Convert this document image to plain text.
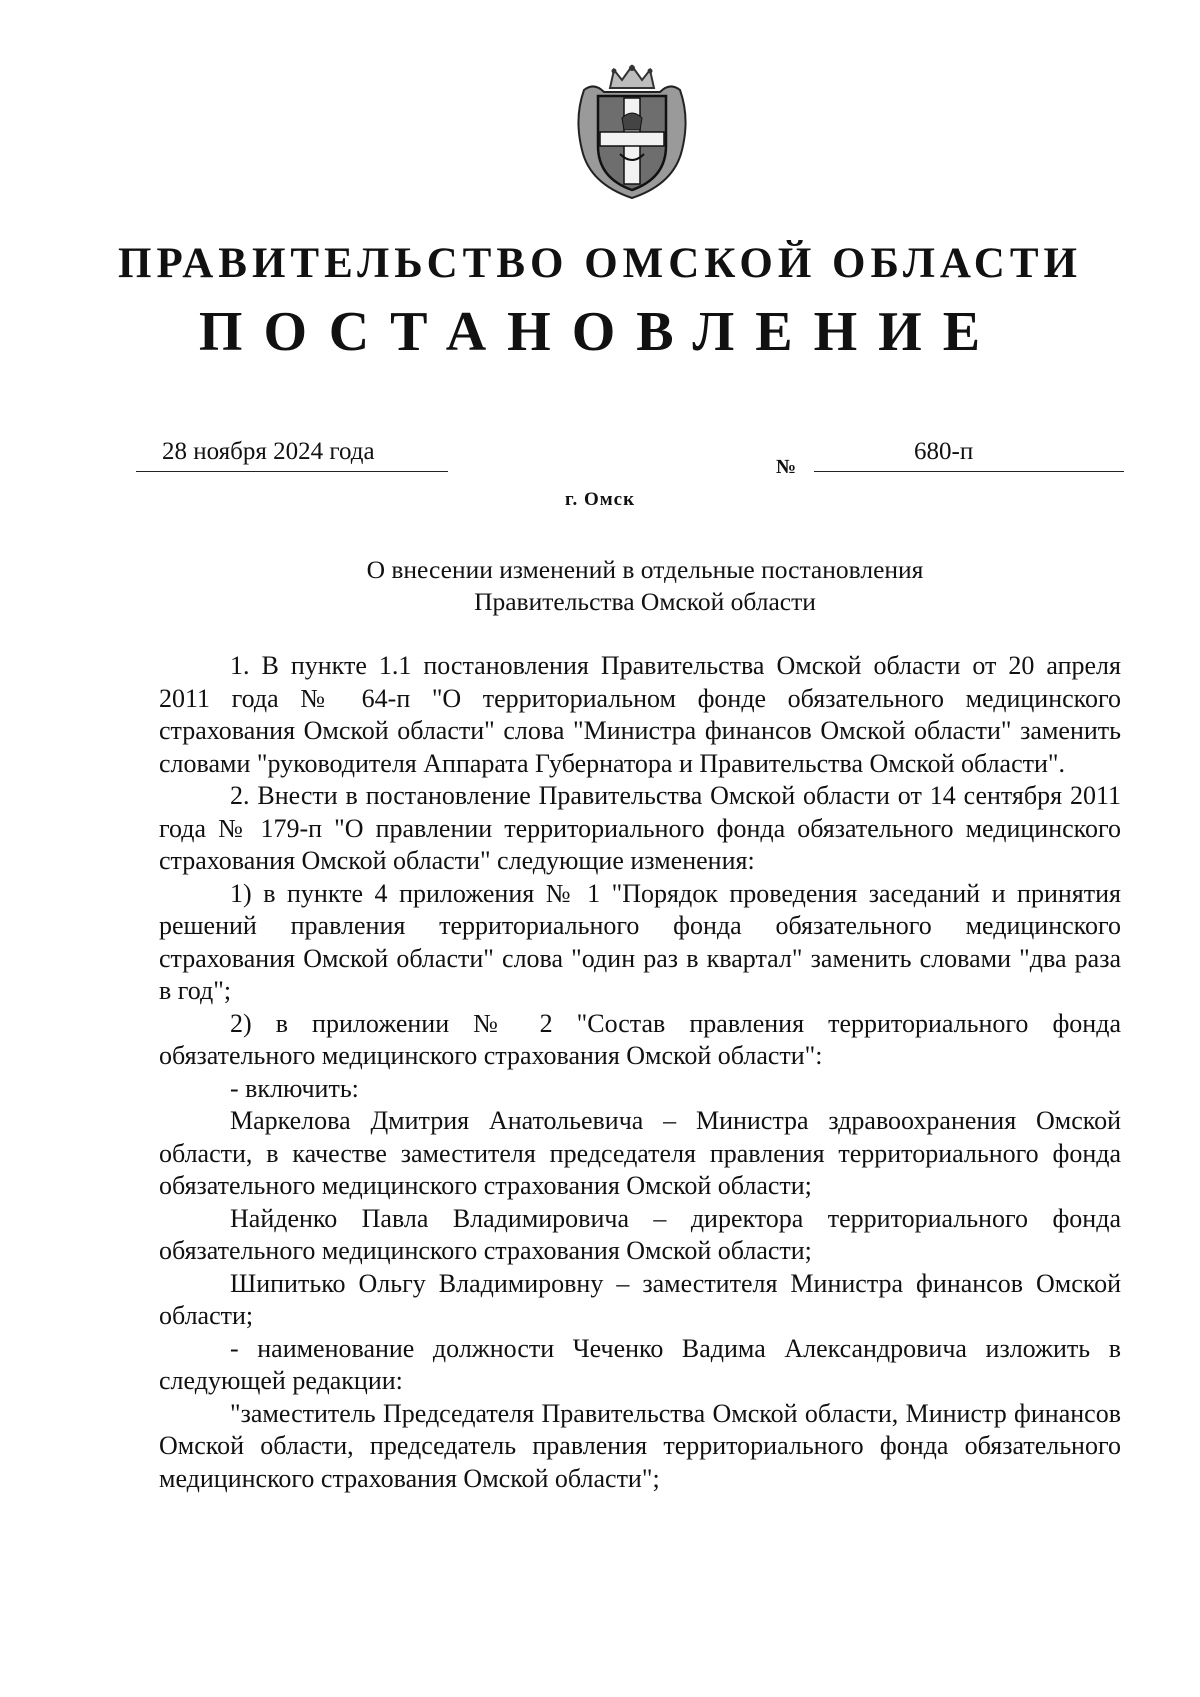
ПРАВИТЕЛЬСТВО ОМСКОЙ ОБЛАСТИ
ПОСТАНОВЛЕНИЕ
28 ноября 2024 года
№
680-п
г. Омск
О внесении изменений в отдельные постановления
Правительства Омской области

1. В пункте 1.1 постановления Правительства Омской области от 20 апреля 2011 года № 64-п "О территориальном фонде обязательного медицинского страхования Омской области" слова "Министра финансов Омской области" заменить словами "руководителя Аппарата Губернатора и Правительства Омской области".

2. Внести в постановление Правительства Омской области от 14 сентября 2011 года № 179-п "О правлении территориального фонда обязательного медицинского страхования Омской области" следующие изменения:

1) в пункте 4 приложения № 1 "Порядок проведения заседаний и принятия решений правления территориального фонда обязательного медицинского страхования Омской области" слова "один раз в квартал" заменить словами "два раза в год";

2) в приложении № 2 "Состав правления территориального фонда обязательного медицинского страхования Омской области":

- включить:

Маркелова Дмитрия Анатольевича – Министра здравоохранения Омской области, в качестве заместителя председателя правления территориального фонда обязательного медицинского страхования Омской области;

Найденко Павла Владимировича – директора территориального фонда обязательного медицинского страхования Омской области;

Шипитько Ольгу Владимировну – заместителя Министра финансов Омской области;

- наименование должности Чеченко Вадима Александровича изложить в следующей редакции:

"заместитель Председателя Правительства Омской области, Министр финансов Омской области, председатель правления территориального фонда обязательного медицинского страхования Омской области";
